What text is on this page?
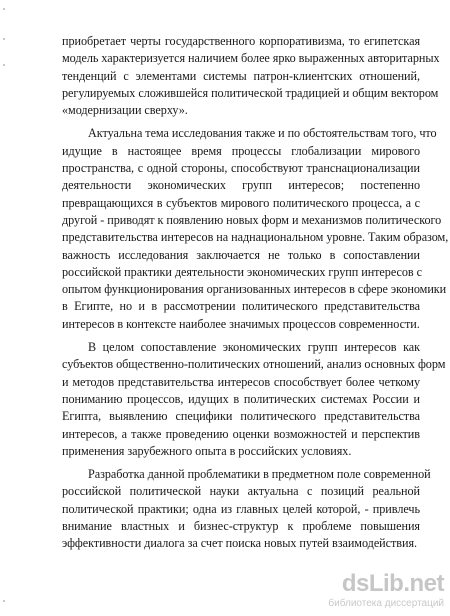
приобретает черты государственного корпоративизма, то египетская
модель характеризуется наличием более ярко выраженных авторитарных
тенденций с элементами системы патрон-клиентских отношений,
регулируемых сложившейся политической традицией и общим вектором
«модернизации сверху».
Актуальна тема исследования также и по обстоятельствам того, что
идущие в настоящее время процессы глобализации мирового
пространства, с одной стороны, способствуют транснационализации
деятельности экономических групп интересов; постепенно
превращающихся в субъектов мирового политического процесса, а с
другой - приводят к появлению новых форм и механизмов политического
представительства интересов на наднациональном уровне. Таким образом,
важность исследования заключается не только в сопоставлении
российской практики деятельности экономических групп интересов с
опытом функционирования организованных интересов в сфере экономики
в Египте, но и в рассмотрении политического представительства
интересов в контексте наиболее значимых процессов современности.
В целом сопоставление экономических групп интересов как
субъектов общественно-политических отношений, анализ основных форм
и методов представительства интересов способствует более четкому
пониманию процессов, идущих в политических системах России и
Египта, выявлению специфики политического представительства
интересов, а также проведению оценки возможностей и перспектив
применения зарубежного опыта в российских условиях.
Разработка данной проблематики в предметном поле современной
российской политической науки актуальна с позиций реальной
политической практики; одна из главных целей которой, - привлечь
внимание властных и бизнес-структур к проблеме повышения
эффективности диалога за счет поиска новых путей взаимодействия.
dsLib.net
библиотека диссертаций
